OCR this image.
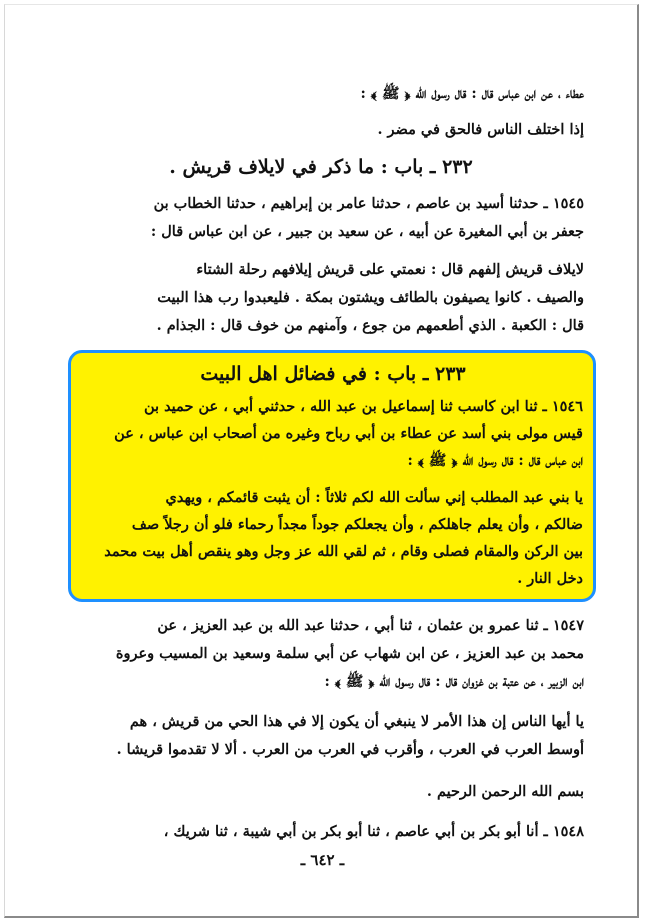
عطاء ، عن ابن عباس قال : قال رسول الله ﴿ ﷺ ﴾ :
إذا اختلف الناس فالحق في مضر .
٢٣٢ ـ باب : ما ذكر في لايلاف قريش .
١٥٤٥ ـ حدثنا أسيد بن عاصم ، حدثنا عامر بن إبراهيم ، حدثنا الخطاب بن
جعفر بن أبي المغيرة عن أبيه ، عن سعيد بن جبير ، عن ابن عباس قال :
لايلاف قريش إلفهم قال : نعمتي على قريش إيلافهم رحلة الشتاء
والصيف . كانوا يصيفون بالطائف ويشتون بمكة . فليعبدوا رب هذا البيت
قال : الكعبة . الذي أطعمهم من جوع ، وآمنهم من خوف قال : الجذام .
٢٣٣ ـ باب : في فضائل اهل البيت
١٥٤٦ ـ ثنا ابن كاسب ثنا إسماعيل بن عبد الله ، حدثني أبي ، عن حميد بن
قيس مولى بني أسد عن عطاء بن أبي رباح وغيره من أصحاب ابن عباس ، عن
ابن عباس قال : قال رسول الله ﴿ ﷺ ﴾ :
يا بني عبد المطلب إني سألت الله لكم ثلاثاً : أن يثبت قائمكم ، ويهدي
ضالكم ، وأن يعلم جاهلكم ، وأن يجعلكم جوداً مجداً رحماء فلو أن رجلاً صف
بين الركن والمقام فصلى وقام ، ثم لقي الله عز وجل وهو ينقص أهل بيت محمد
دخل النار .
١٥٤٧ ـ ثنا عمرو بن عثمان ، ثنا أبي ، حدثنا عبد الله بن عبد العزيز ، عن
محمد بن عبد العزيز ، عن ابن شهاب عن أبي سلمة وسعيد بن المسيب وعروة
ابن الزبير ، عن عتبة بن غزوان قال : قال رسول الله ﴿ ﷺ ﴾ :
يا أيها الناس إن هذا الأمر لا ينبغي أن يكون إلا في هذا الحي من قريش ، هم
أوسط العرب في العرب ، وأقرب في العرب من العرب . ألا لا تقدموا قريشا .
بسم الله الرحمن الرحيم .
١٥٤٨ ـ أنا أبو بكر بن أبي عاصم ، ثنا أبو بكر بن أبي شيبة ، ثنا شريك ،
ـ ٦٤٢ ـ
